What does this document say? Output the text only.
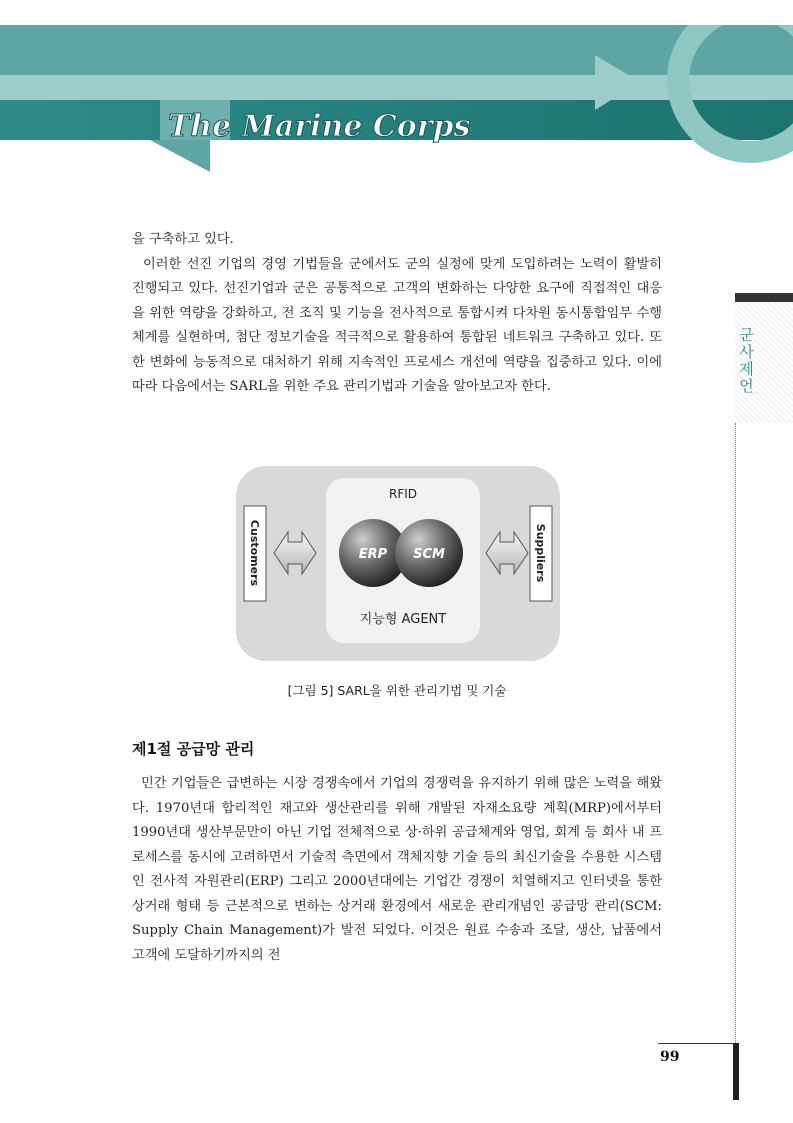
The Marine Corps
군사제언

을 구축하고 있다.
이러한 선진 기업의 경영 기법들을 군에서도 군의 실정에 맞게 도입하려는 노력이 활발히 진행되고 있다. 선진기업과 군은 공통적으로 고객의 변화하는 다양한 요구에 직접적인 대응을 위한 역량을 강화하고, 전 조직 및 기능을 전사적으로 통합시켜 다차원 동시통합임무 수행체계를 실현하며, 첨단 정보기술을 적극적으로 활용하여 통합된 네트워크 구축하고 있다. 또한 변화에 능동적으로 대처하기 위해 지속적인 프로세스 개선에 역량을 집중하고 있다. 이에 따라 다음에서는 SARL을 위한 주요 관리기법과 기술을 알아보고자 한다.

RFID
ERP SCM
지능형 AGENT
Customers	Suppliers

[그림 5] SARL을 위한 관리기법 및 기술

제1절 공급망 관리

민간 기업들은 급변하는 시장 경쟁속에서 기업의 경쟁력을 유지하기 위해 많은 노력을 해왔다. 1970년대 합리적인 재고와 생산관리를 위해 개발된 자재소요량 계획(MRP)에서부터 1990년대 생산부문만이 아닌 기업 전체적으로 상·하위 공급체계와 영업, 회계 등 회사 내 프로세스를 동시에 고려하면서 기술적 측면에서 객체지향 기술 등의 최신기술을 수용한 시스템인 전사적 자원관리(ERP) 그리고 2000년대에는 기업간 경쟁이 치열해지고 인터넷을 통한 상거래 형태 등 근본적으로 변하는 상거래 환경에서 새로운 관리개념인 공급망 관리(SCM: Supply Chain Management)가 발전 되었다. 이것은 원료 수송과 조달, 생산, 납품에서 고객에 도달하기까지의 전

99
